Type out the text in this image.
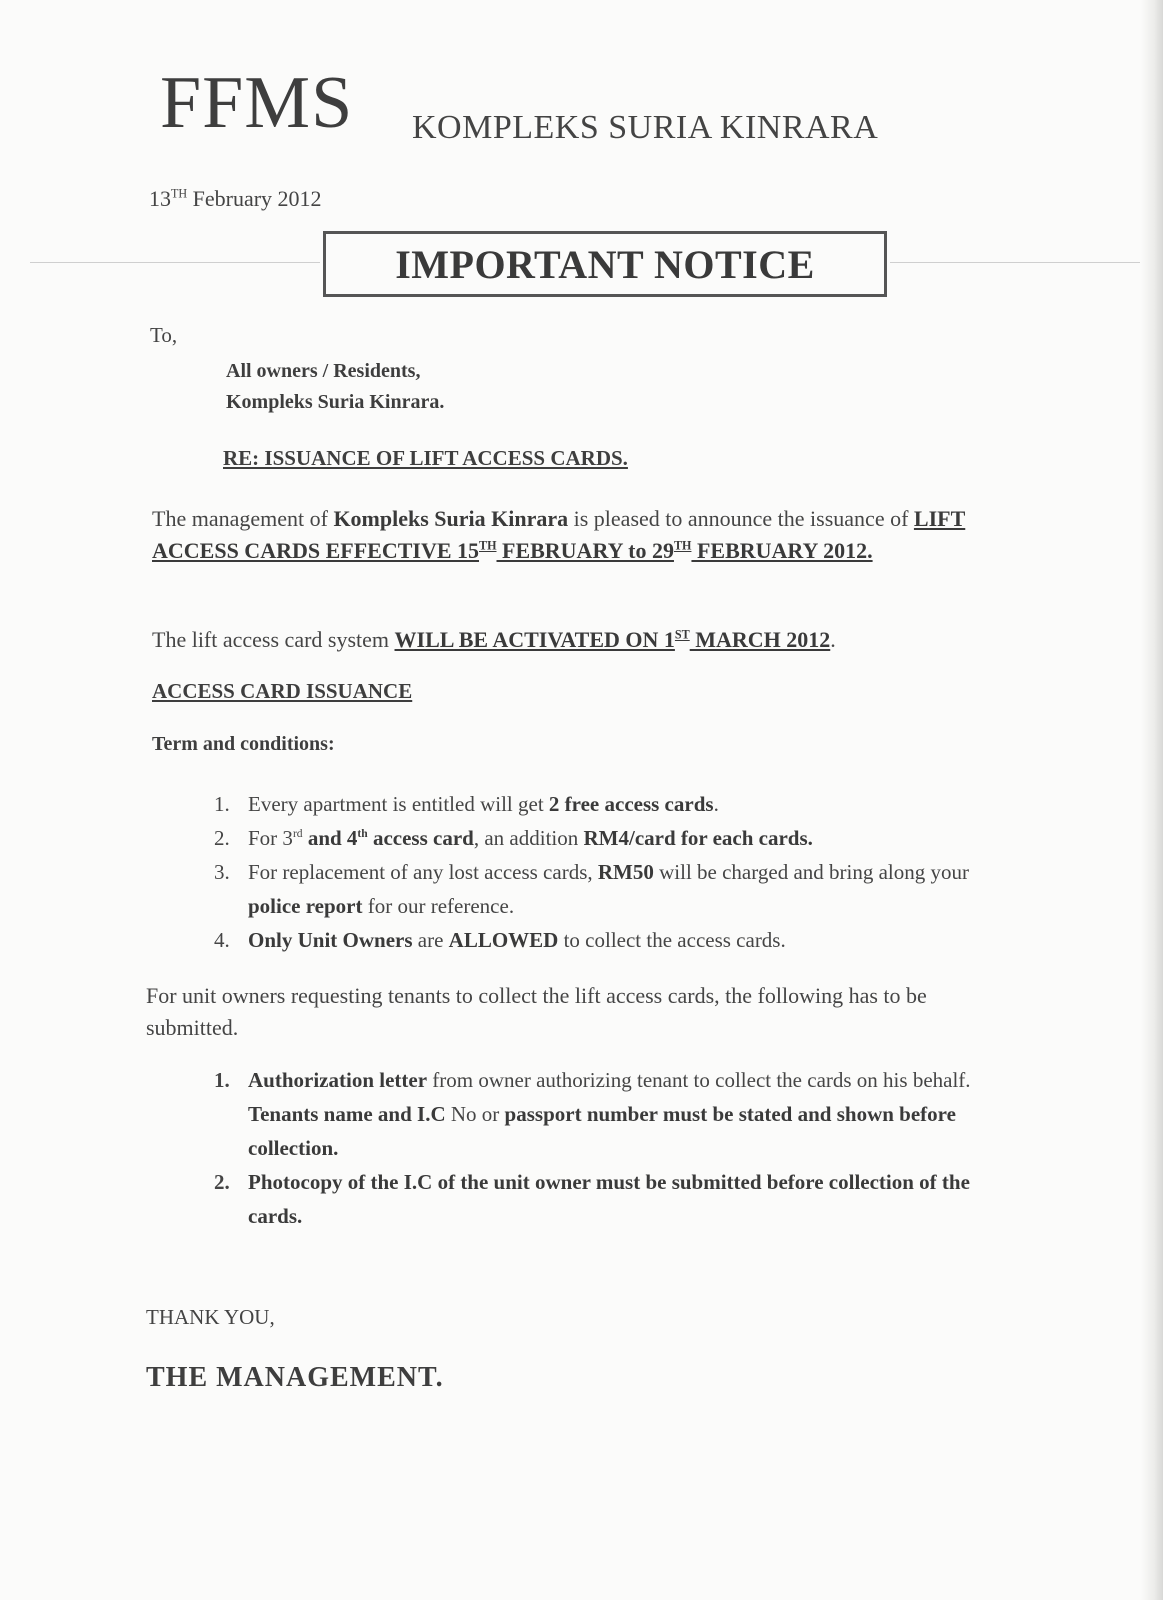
FFMS KOMPLEKS SURIA KINRARA
13TH February 2012
IMPORTANT NOTICE
To,
All owners / Residents,
Kompleks Suria Kinrara.
RE: ISSUANCE OF LIFT ACCESS CARDS.
The management of Kompleks Suria Kinrara is pleased to announce the issuance of LIFT ACCESS CARDS EFFECTIVE 15TH FEBRUARY to 29TH FEBRUARY 2012.
The lift access card system WILL BE ACTIVATED ON 1ST MARCH 2012.
ACCESS CARD ISSUANCE
Term and conditions:
1. Every apartment is entitled will get 2 free access cards.
2. For 3rd and 4th access card, an addition RM4/card for each cards.
3. For replacement of any lost access cards, RM50 will be charged and bring along your police report for our reference.
4. Only Unit Owners are ALLOWED to collect the access cards.
For unit owners requesting tenants to collect the lift access cards, the following has to be submitted.
1. Authorization letter from owner authorizing tenant to collect the cards on his behalf. Tenants name and I.C No or passport number must be stated and shown before collection.
2. Photocopy of the I.C of the unit owner must be submitted before collection of the cards.
THANK YOU,
THE MANAGEMENT.
